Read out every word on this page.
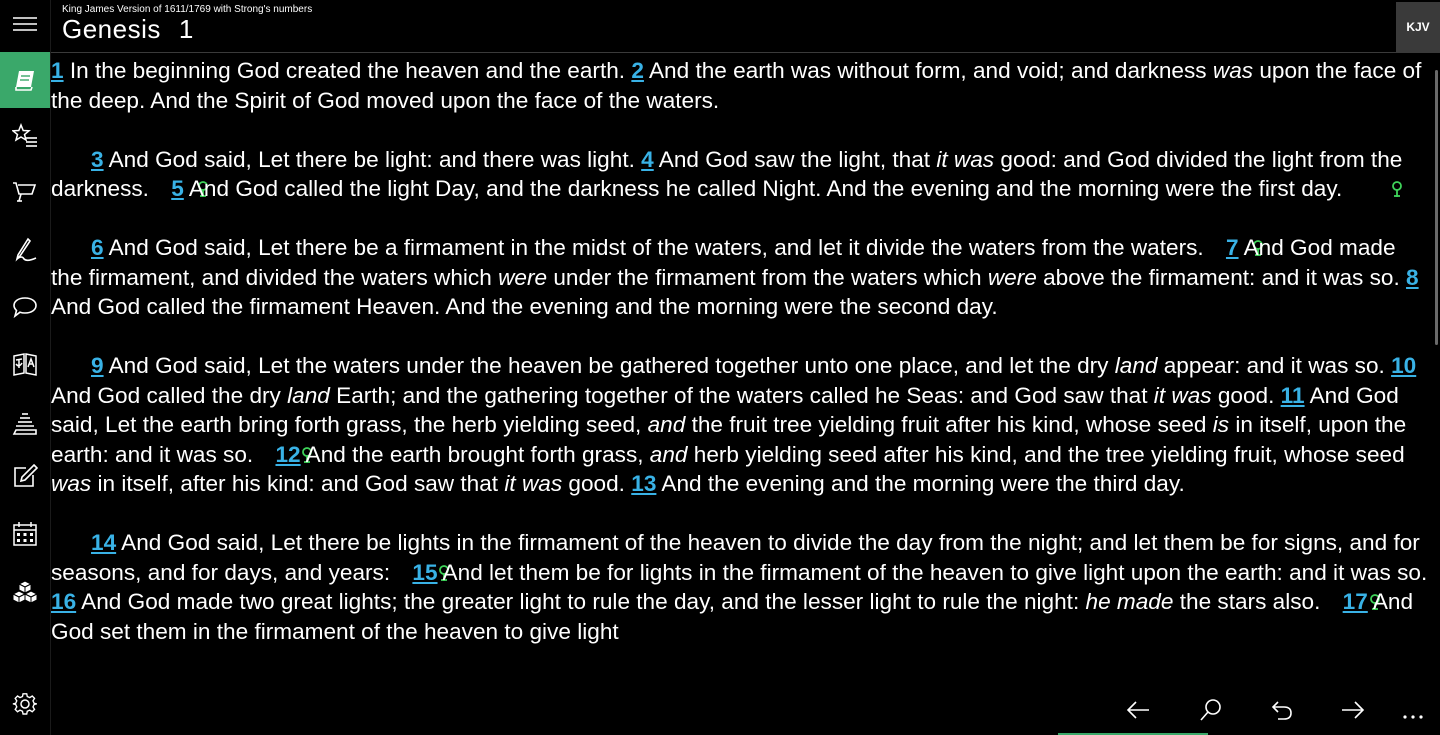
King James Version of 1611/1769 with Strong's numbers
Genesis 1	KJV

1 In the beginning God created the heaven and the earth. 2 And the earth was without form, and void; and darkness was upon the face of the deep. And the Spirit of God moved upon the face of the waters.

3 And God said, Let there be light: and there was light. 4 And God saw the light, that it was good: and God divided the light from the darkness. 5 And God called the light Day, and the darkness he called Night. And the evening and the morning were the first day.

6 And God said, Let there be a firmament in the midst of the waters, and let it divide the waters from the waters. 7 And God made the firmament, and divided the waters which were under the firmament from the waters which were above the firmament: and it was so. 8 And God called the firmament Heaven. And the evening and the morning were the second day.

9 And God said, Let the waters under the heaven be gathered together unto one place, and let the dry land appear: and it was so. 10 And God called the dry land Earth; and the gathering together of the waters called he Seas: and God saw that it was good. 11 And God said, Let the earth bring forth grass, the herb yielding seed, and the fruit tree yielding fruit after his kind, whose seed is in itself, upon the earth: and it was so. 12 And the earth brought forth grass, and herb yielding seed after his kind, and the tree yielding fruit, whose seed was in itself, after his kind: and God saw that it was good. 13 And the evening and the morning were the third day.

14 And God said, Let there be lights in the firmament of the heaven to divide the day from the night; and let them be for signs, and for seasons, and for days, and years: 15 And let them be for lights in the firmament of the heaven to give light upon the earth: and it was so. 16 And God made two great lights; the greater light to rule the day, and the lesser light to rule the night: he made the stars also. 17 And God set them in the firmament of the heaven to give light
